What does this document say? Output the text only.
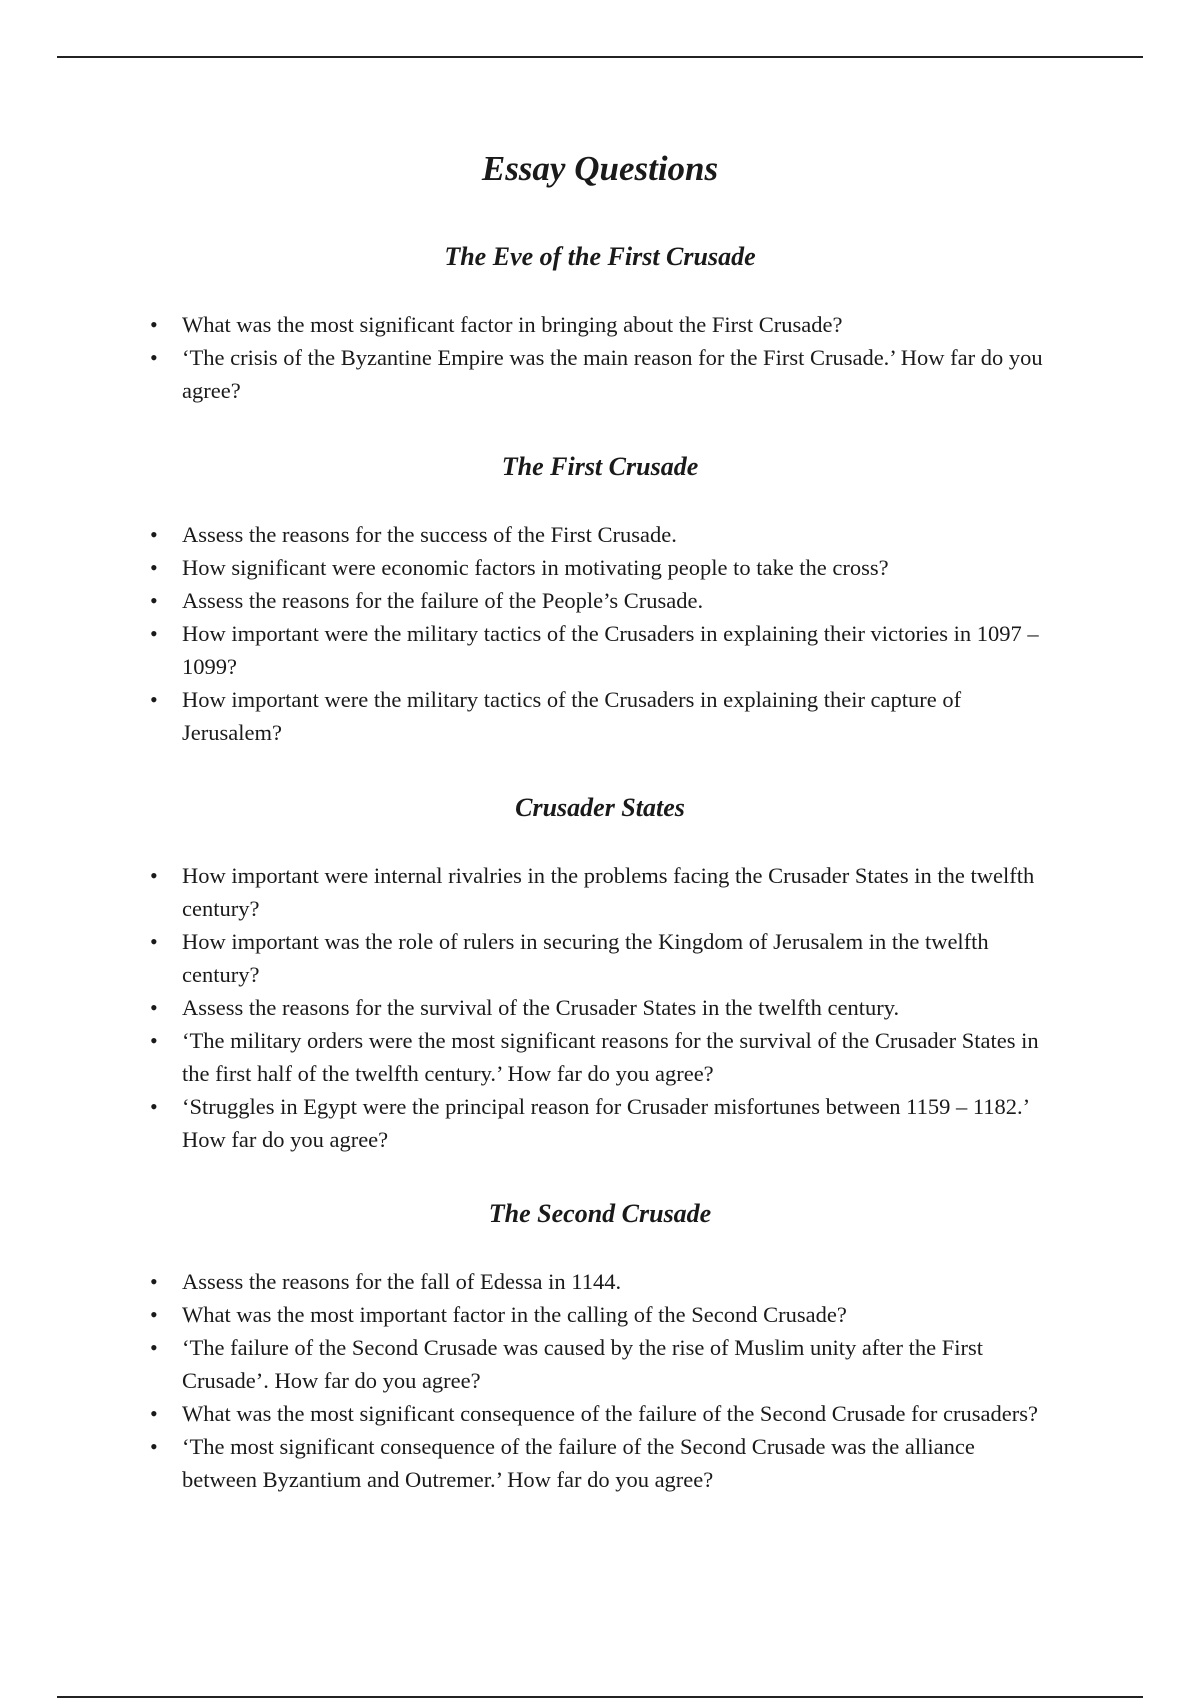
Essay Questions
The Eve of the First Crusade
• What was the most significant factor in bringing about the First Crusade?
• ‘The crisis of the Byzantine Empire was the main reason for the First Crusade.’ How far do you agree?
The First Crusade
• Assess the reasons for the success of the First Crusade.
• How significant were economic factors in motivating people to take the cross?
• Assess the reasons for the failure of the People’s Crusade.
• How important were the military tactics of the Crusaders in explaining their victories in 1097 – 1099?
• How important were the military tactics of the Crusaders in explaining their capture of Jerusalem?
Crusader States
• How important were internal rivalries in the problems facing the Crusader States in the twelfth century?
• How important was the role of rulers in securing the Kingdom of Jerusalem in the twelfth century?
• Assess the reasons for the survival of the Crusader States in the twelfth century.
• ‘The military orders were the most significant reasons for the survival of the Crusader States in the first half of the twelfth century.’ How far do you agree?
• ‘Struggles in Egypt were the principal reason for Crusader misfortunes between 1159 – 1182.’ How far do you agree?
The Second Crusade
• Assess the reasons for the fall of Edessa in 1144.
• What was the most important factor in the calling of the Second Crusade?
• ‘The failure of the Second Crusade was caused by the rise of Muslim unity after the First Crusade’. How far do you agree?
• What was the most significant consequence of the failure of the Second Crusade for crusaders?
• ‘The most significant consequence of the failure of the Second Crusade was the alliance between Byzantium and Outremer.’ How far do you agree?
